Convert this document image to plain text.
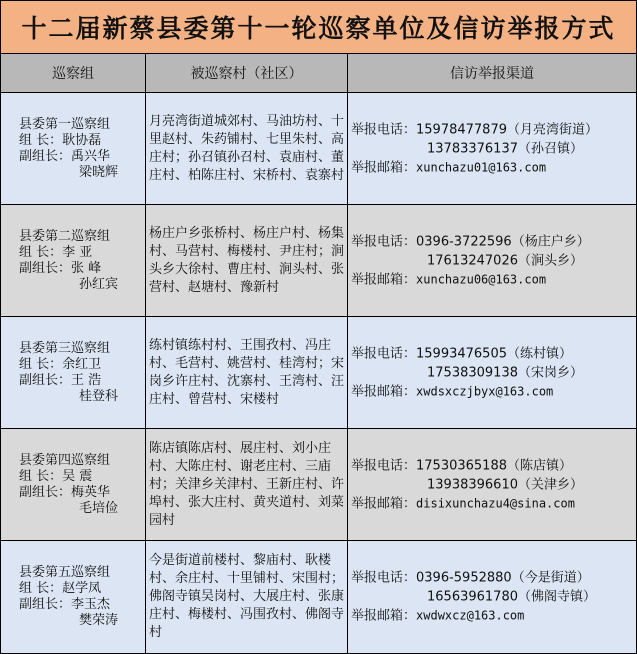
十二届新蔡县委第十一轮巡察单位及信访举报方式
巡察组	被巡察村（社区）	信访举报渠道
县委第一巡察组
组 长：耿协磊
副组长：禹兴华
梁晓辉
月亮湾街道城郊村、马油坊村、十里赵村、朱药铺村、七里朱村、高庄村；孙召镇孙召村、袁庙村、董庄村、柏陈庄村、宋桥村、袁寨村
举报电话：15978477879（月亮湾街道）
13783376137（孙召镇）
举报邮箱：xunchazu01@163.com
县委第二巡察组
组 长：李 亚
副组长：张 峰
孙红宾
杨庄户乡张桥村、杨庄户村、杨集村、马营村、梅楼村、尹庄村；涧头乡大徐村、曹庄村、涧头村、张营村、赵塘村、豫新村
举报电话：0396-3722596（杨庄户乡）
17613247026（涧头乡）
举报邮箱：xunchazu06@163.com
县委第三巡察组
组 长：余红卫
副组长：王 浩
桂登科
练村镇练村村、王围孜村、冯庄村、毛营村、姚营村、桂湾村；宋岗乡许庄村、沈寨村、王湾村、汪庄村、曾营村、宋楼村
举报电话：15993476505（练村镇）
17538309138（宋岗乡）
举报邮箱：xwdsxczjbyx@163.com
县委第四巡察组
组 长：吴 震
副组长：梅英华
毛培俭
陈店镇陈店村、展庄村、刘小庄村、大陈庄村、谢老庄村、三庙村；关津乡关津村、王新庄村、许埠村、张大庄村、黄夹道村、刘菜园村
举报电话：17530365188（陈店镇）
13938396610（关津乡）
举报邮箱：disixunchazu4@sina.com
县委第五巡察组
组 长：赵学凤
副组长：李玉杰
樊荣涛
今是街道前楼村、黎庙村、耿楼村、余庄村、十里铺村、宋围村；佛阁寺镇吴岗村、大展庄村、张康庄村、梅楼村、冯围孜村、佛阁寺村
举报电话：0396-5952880（今是街道）
16563961780（佛阁寺镇）
举报邮箱：xwdwxcz@163.com
